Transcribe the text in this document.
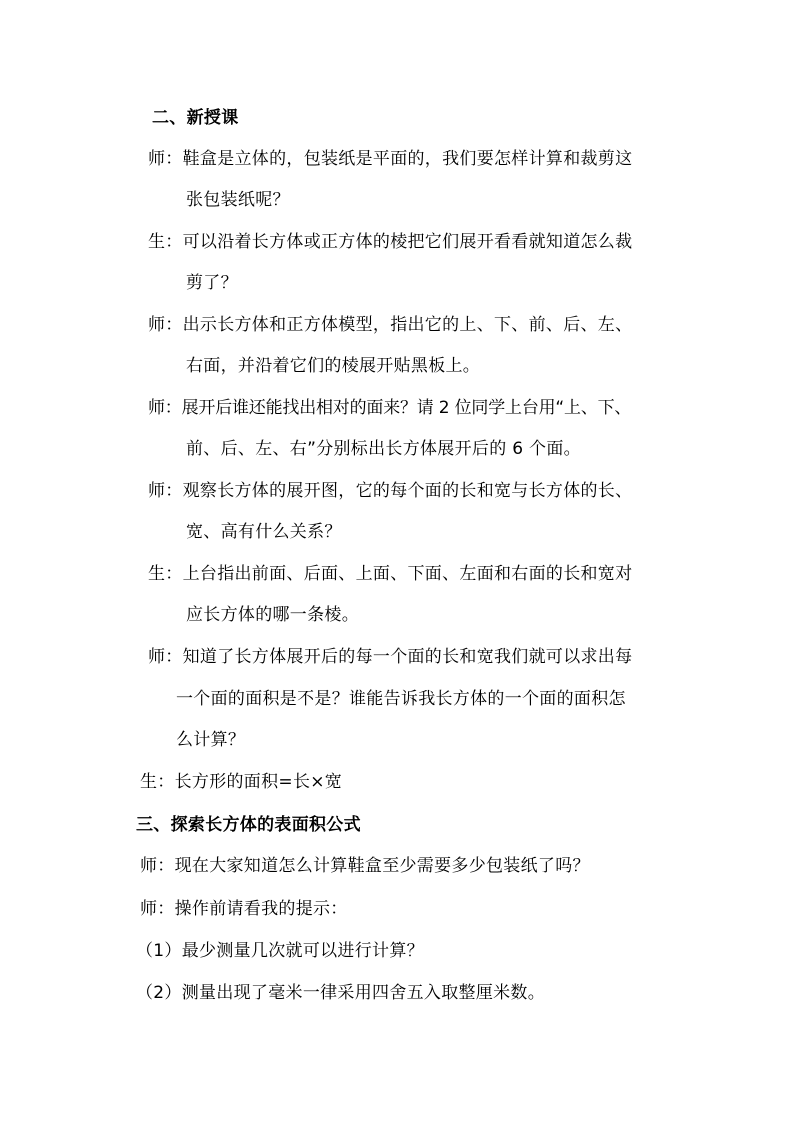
二、新授课
师：鞋盒是立体的，包装纸是平面的，我们要怎样计算和裁剪这
张包装纸呢？
生：可以沿着长方体或正方体的棱把它们展开看看就知道怎么裁
剪了？
师：出示长方体和正方体模型，指出它的上、下、前、后、左、
右面，并沿着它们的棱展开贴黑板上。
师：展开后谁还能找出相对的面来？请 2 位同学上台用“上、下、
前、后、左、右”分别标出长方体展开后的 6 个面。
师：观察长方体的展开图，它的每个面的长和宽与长方体的长、
宽、高有什么关系？
生：上台指出前面、后面、上面、下面、左面和右面的长和宽对
应长方体的哪一条棱。
师：知道了长方体展开后的每一个面的长和宽我们就可以求出每
一个面的面积是不是？谁能告诉我长方体的一个面的面积怎
么计算？
生：长方形的面积=长×宽
三、探索长方体的表面积公式
师：现在大家知道怎么计算鞋盒至少需要多少包装纸了吗？
师：操作前请看我的提示：
（1）最少测量几次就可以进行计算？
（2）测量出现了毫米一律采用四舍五入取整厘米数。
